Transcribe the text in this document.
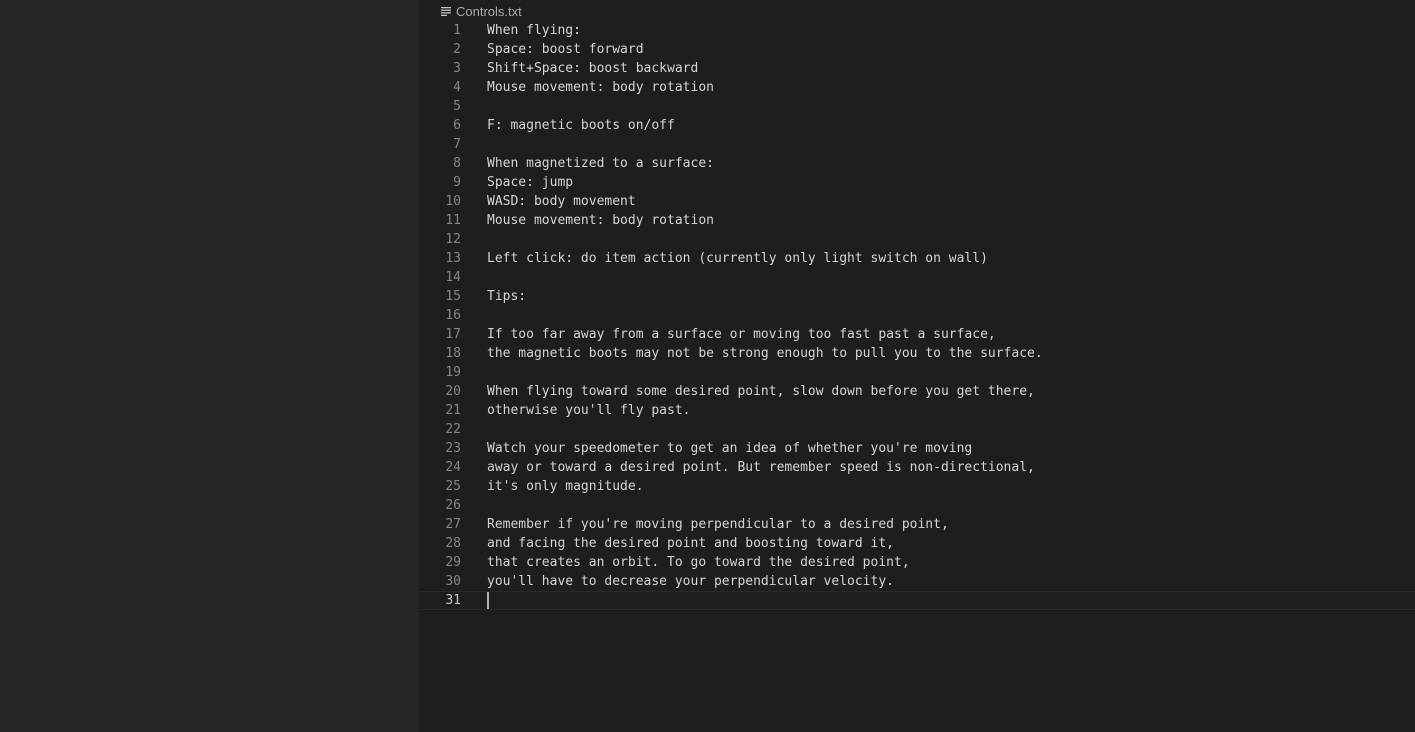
Controls.txt
1 When flying:
2 Space: boost forward
3 Shift+Space: boost backward
4 Mouse movement: body rotation
5
6 F: magnetic boots on/off
7
8 When magnetized to a surface:
9 Space: jump
10 WASD: body movement
11 Mouse movement: body rotation
12
13 Left click: do item action (currently only light switch on wall)
14
15 Tips:
16
17 If too far away from a surface or moving too fast past a surface,
18 the magnetic boots may not be strong enough to pull you to the surface.
19
20 When flying toward some desired point, slow down before you get there,
21 otherwise you'll fly past.
22
23 Watch your speedometer to get an idea of whether you're moving
24 away or toward a desired point. But remember speed is non-directional,
25 it's only magnitude.
26
27 Remember if you're moving perpendicular to a desired point,
28 and facing the desired point and boosting toward it,
29 that creates an orbit. To go toward the desired point,
30 you'll have to decrease your perpendicular velocity.
31
